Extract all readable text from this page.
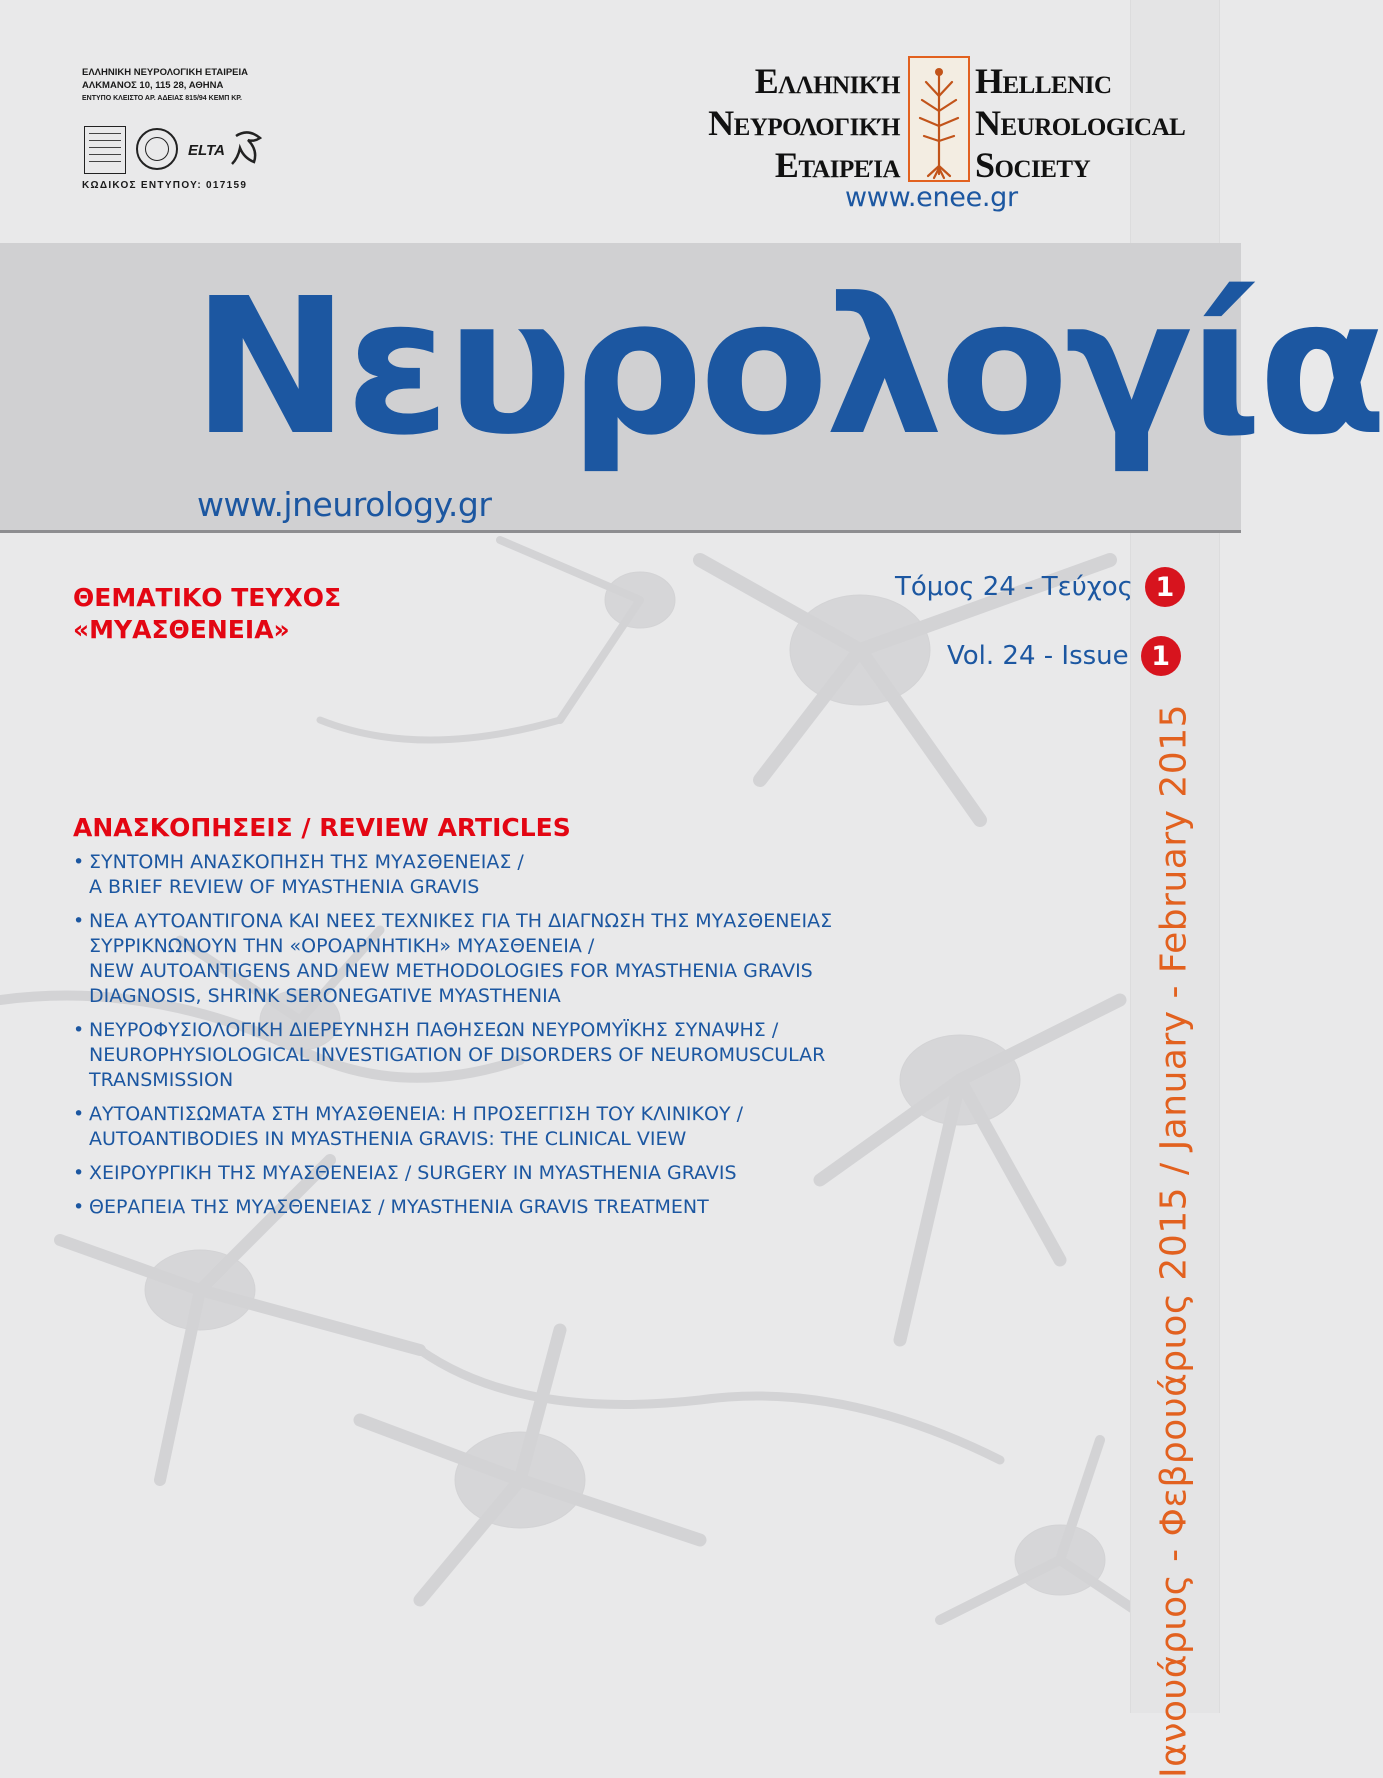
Ιανουάριος - Φεβρουάριος 2015 / January - February 2015
ΕΛΛΗΝΙΚΗ ΝΕΥΡΟΛΟΓΙΚΗ ΕΤΑΙΡΕΙΑ
ΑΛΚΜΑΝΟΣ 10, 115 28, ΑΘΗΝΑ
ΕΝΤΥΠΟ ΚΛΕΙΣΤΟ ΑΡ. ΑΔΕΙΑΣ 815/94 ΚΕΜΠ ΚΡ.
ELTA
ΚΩΔΙΚΟΣ ΕΝΤΥΠΟΥ: 017159
Ελληνική
Νευρολογική
Εταιρεία
Hellenic
Neurological
Society
www.enee.gr
Νευρολογία
www.jneurology.gr
ΘΕΜΑΤΙΚΟ ΤΕΥΧΟΣ
«ΜΥΑΣΘΕΝΕΙΑ»
Τόμος 24 - Τεύχος 1
Vol. 24 - Issue 1
ΑΝΑΣΚΟΠΗΣΕΙΣ / REVIEW ARTICLES
• ΣΥΝΤΟΜΗ ΑΝΑΣΚΟΠΗΣΗ ΤΗΣ ΜΥΑΣΘΕΝΕΙΑΣ /
A BRIEF REVIEW OF MYASTHENIA GRAVIS
• ΝΕΑ ΑΥΤΟΑΝΤΙΓΟΝΑ ΚΑΙ ΝΕΕΣ ΤΕΧΝΙΚΕΣ ΓΙΑ ΤΗ ΔΙΑΓΝΩΣΗ ΤΗΣ ΜΥΑΣΘΕΝΕΙΑΣ
ΣΥΡΡΙΚΝΩΝΟΥΝ ΤΗΝ «ΟΡΟΑΡΝΗΤΙΚΗ» ΜΥΑΣΘΕΝΕΙΑ /
NEW AUTOANTIGENS AND NEW METHODOLOGIES FOR MYASTHENIA GRAVIS
DIAGNOSIS, SHRINK SERONEGATIVE MYASTHENIA
• ΝΕΥΡΟΦΥΣΙΟΛΟΓΙΚΗ ΔΙΕΡΕΥΝΗΣΗ ΠΑΘΗΣΕΩΝ ΝΕΥΡΟΜΥΪΚΗΣ ΣΥΝΑΨΗΣ /
NEUROPHYSIOLOGICAL INVESTIGATION OF DISORDERS OF NEUROMUSCULAR
TRANSMISSION
• ΑΥΤΟΑΝΤΙΣΩΜΑΤΑ ΣΤΗ ΜΥΑΣΘΕΝΕΙΑ: Η ΠΡΟΣΕΓΓΙΣΗ ΤΟΥ ΚΛΙΝΙΚΟΥ /
AUTOANTIBODIES IN MYASTHENIA GRAVIS: THE CLINICAL VIEW
• ΧΕΙΡΟΥΡΓΙΚΗ ΤΗΣ ΜΥΑΣΘΕΝΕΙΑΣ / SURGERY IN MYASTHENIA GRAVIS
• ΘΕΡΑΠΕΙΑ ΤΗΣ ΜΥΑΣΘΕΝΕΙΑΣ / MYASTHENIA GRAVIS TREATMENT
